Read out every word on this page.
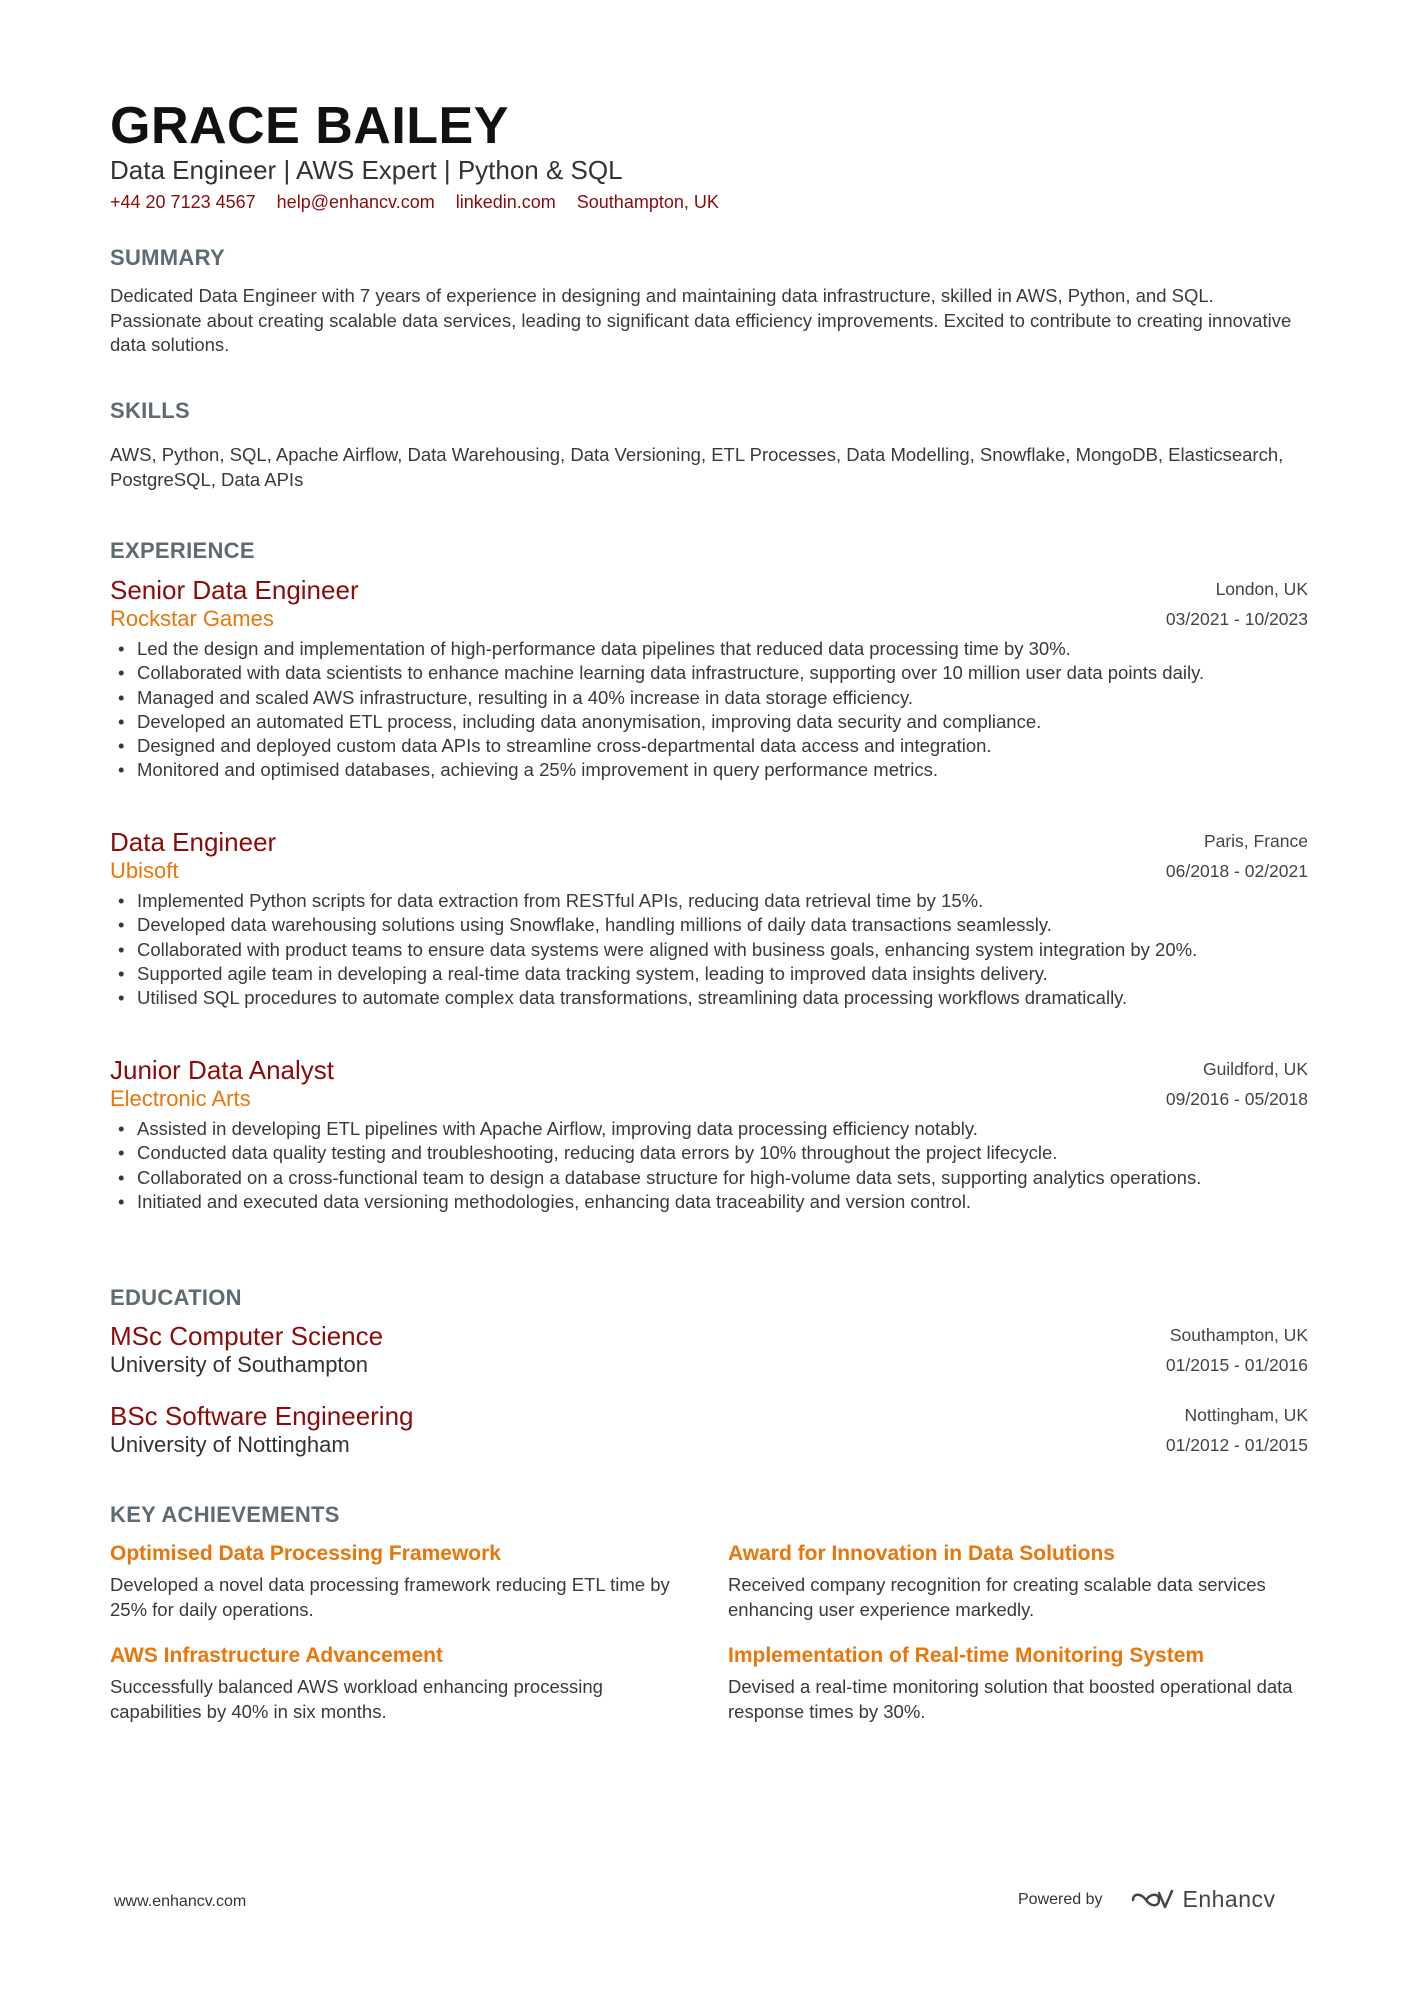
GRACE BAILEY
Data Engineer | AWS Expert | Python & SQL
+44 20 7123 4567 help@enhancv.com linkedin.com Southampton, UK
SUMMARY
Dedicated Data Engineer with 7 years of experience in designing and maintaining data infrastructure, skilled in AWS, Python, and SQL. Passionate about creating scalable data services, leading to significant data efficiency improvements. Excited to contribute to creating innovative data solutions.
SKILLS
AWS, Python, SQL, Apache Airflow, Data Warehousing, Data Versioning, ETL Processes, Data Modelling, Snowflake, MongoDB, Elasticsearch, PostgreSQL, Data APIs
EXPERIENCE
Senior Data Engineer
Rockstar Games
London, UK
03/2021 - 10/2023
• Led the design and implementation of high-performance data pipelines that reduced data processing time by 30%.
• Collaborated with data scientists to enhance machine learning data infrastructure, supporting over 10 million user data points daily.
• Managed and scaled AWS infrastructure, resulting in a 40% increase in data storage efficiency.
• Developed an automated ETL process, including data anonymisation, improving data security and compliance.
• Designed and deployed custom data APIs to streamline cross-departmental data access and integration.
• Monitored and optimised databases, achieving a 25% improvement in query performance metrics.
Data Engineer
Ubisoft
Paris, France
06/2018 - 02/2021
• Implemented Python scripts for data extraction from RESTful APIs, reducing data retrieval time by 15%.
• Developed data warehousing solutions using Snowflake, handling millions of daily data transactions seamlessly.
• Collaborated with product teams to ensure data systems were aligned with business goals, enhancing system integration by 20%.
• Supported agile team in developing a real-time data tracking system, leading to improved data insights delivery.
• Utilised SQL procedures to automate complex data transformations, streamlining data processing workflows dramatically.
Junior Data Analyst
Electronic Arts
Guildford, UK
09/2016 - 05/2018
• Assisted in developing ETL pipelines with Apache Airflow, improving data processing efficiency notably.
• Conducted data quality testing and troubleshooting, reducing data errors by 10% throughout the project lifecycle.
• Collaborated on a cross-functional team to design a database structure for high-volume data sets, supporting analytics operations.
• Initiated and executed data versioning methodologies, enhancing data traceability and version control.
EDUCATION
MSc Computer Science
University of Southampton
Southampton, UK
01/2015 - 01/2016
BSc Software Engineering
University of Nottingham
Nottingham, UK
01/2012 - 01/2015
KEY ACHIEVEMENTS
Optimised Data Processing Framework
Developed a novel data processing framework reducing ETL time by 25% for daily operations.
Award for Innovation in Data Solutions
Received company recognition for creating scalable data services enhancing user experience markedly.
AWS Infrastructure Advancement
Successfully balanced AWS workload enhancing processing capabilities by 40% in six months.
Implementation of Real-time Monitoring System
Devised a real-time monitoring solution that boosted operational data response times by 30%.
www.enhancv.com	Powered by	Enhancv
